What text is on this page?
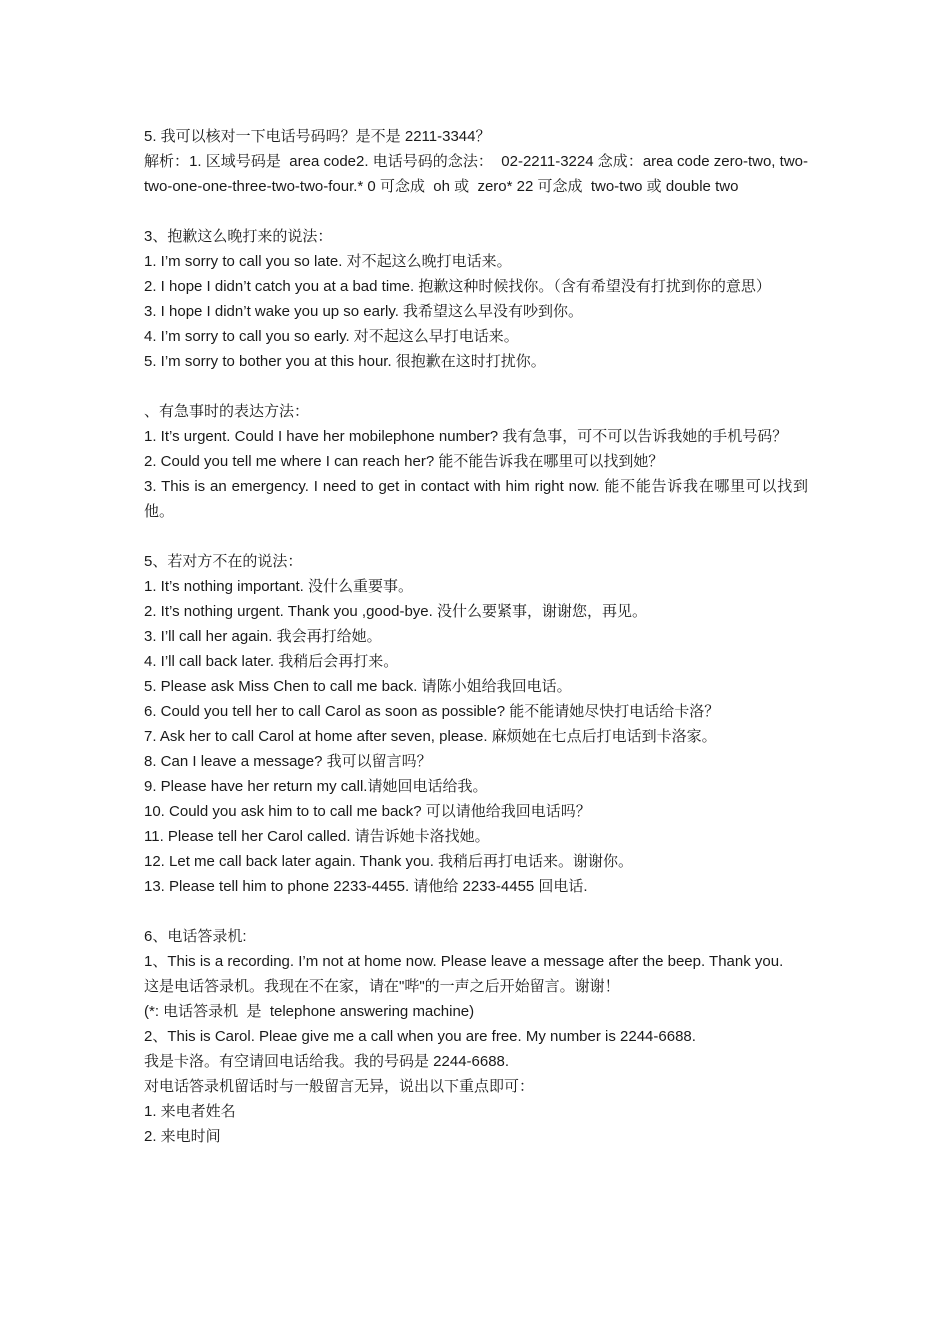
5. 我可以核对一下电话号码吗？是不是 2211-3344？
解析：1. 区域号码是  area code2. 电话号码的念法：  02-2211-3224 念成：area code zero-two, two-two-one-one-three-two-two-four.* 0 可念成  oh 或  zero* 22 可念成  two-two 或 double two
3、抱歉这么晚打来的说法：
1. I’m sorry to call you so late. 对不起这么晚打电话来。
2. I hope I didn’t catch you at a bad time. 抱歉这种时候找你。（含有希望没有打扰到你的意思）
3. I hope I didn’t wake you up so early. 我希望这么早没有吵到你。
4. I’m sorry to call you so early. 对不起这么早打电话来。
5. I’m sorry to bother you at this hour. 很抱歉在这时打扰你。
、有急事时的表达方法：
1. It’s urgent. Could I have her mobilephone number? 我有急事，可不可以告诉我她的手机号码？
2. Could you tell me where I can reach her? 能不能告诉我在哪里可以找到她？
3. This is an emergency. I need to get in contact with him right now. 能不能告诉我在哪里可以找到他。
5、若对方不在的说法：
1. It’s nothing important. 没什么重要事。
2. It’s nothing urgent. Thank you ,good-bye. 没什么要紧事，谢谢您，再见。
3. I’ll call her again. 我会再打给她。
4. I’ll call back later. 我稍后会再打来。
5. Please ask Miss Chen to call me back. 请陈小姐给我回电话。
6. Could you tell her to call Carol as soon as possible? 能不能请她尽快打电话给卡洛？
7. Ask her to call Carol at home after seven, please. 麻烦她在七点后打电话到卡洛家。
8. Can I leave a message? 我可以留言吗？
9. Please have her return my call.请她回电话给我。
10. Could you ask him to to call me back? 可以请他给我回电话吗？
11. Please tell her Carol called. 请告诉她卡洛找她。
12. Let me call back later again. Thank you. 我稍后再打电话来。谢谢你。
13. Please tell him to phone 2233-4455. 请他给 2233-4455 回电话.
6、电话答录机:
1、This is a recording. I’m not at home now. Please leave a message after the beep. Thank you.
这是电话答录机。我现在不在家，请在"哔"的一声之后开始留言。谢谢！
(*: 电话答录机  是  telephone answering machine)
2、This is Carol. Pleae give me a call when you are free. My number is 2244-6688.
我是卡洛。有空请回电话给我。我的号码是 2244-6688.
对电话答录机留话时与一般留言无异，说出以下重点即可：
1. 来电者姓名
2. 来电时间
